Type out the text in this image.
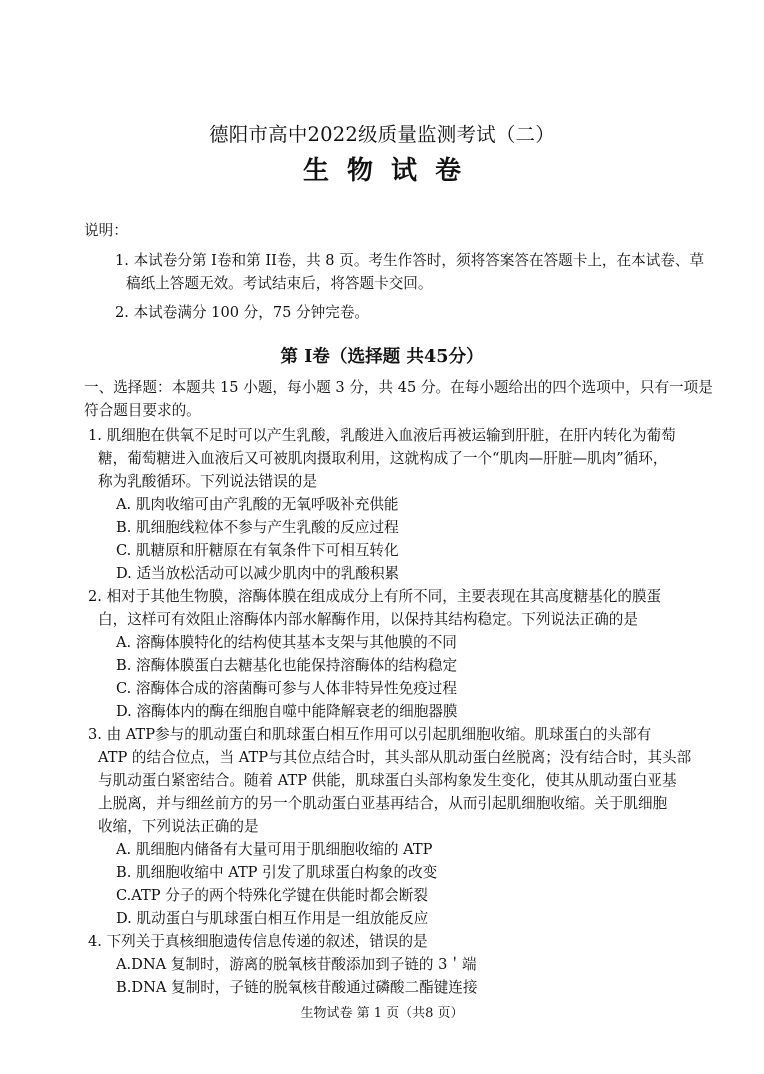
德阳市高中2022级质量监测考试（二）
生物试卷
说明：
1. 本试卷分第 I卷和第 II卷，共 8 页。考生作答时，须将答案答在答题卡上，在本试卷、草
稿纸上答题无效。考试结束后，将答题卡交回。
2. 本试卷满分 100 分，75 分钟完卷。
第 I卷（选择题 共45分）
一、选择题：本题共 15 小题，每小题 3 分，共 45 分。在每小题给出的四个选项中，只有一项是
符合题目要求的。
1. 肌细胞在供氧不足时可以产生乳酸，乳酸进入血液后再被运输到肝脏，在肝内转化为葡萄
糖，葡萄糖进入血液后又可被肌肉摄取利用，这就构成了一个“肌肉—肝脏—肌肉”循环，
称为乳酸循环。下列说法错误的是
A. 肌肉收缩可由产乳酸的无氧呼吸补充供能
B. 肌细胞线粒体不参与产生乳酸的反应过程
C. 肌糖原和肝糖原在有氧条件下可相互转化
D. 适当放松活动可以减少肌肉中的乳酸积累
2. 相对于其他生物膜，溶酶体膜在组成成分上有所不同，主要表现在其高度糖基化的膜蛋
白，这样可有效阻止溶酶体内部水解酶作用，以保持其结构稳定。下列说法正确的是
A. 溶酶体膜特化的结构使其基本支架与其他膜的不同
B. 溶酶体膜蛋白去糖基化也能保持溶酶体的结构稳定
C. 溶酶体合成的溶菌酶可参与人体非特异性免疫过程
D. 溶酶体内的酶在细胞自噬中能降解衰老的细胞器膜
3. 由 ATP参与的肌动蛋白和肌球蛋白相互作用可以引起肌细胞收缩。肌球蛋白的头部有
ATP 的结合位点，当 ATP与其位点结合时，其头部从肌动蛋白丝脱离；没有结合时，其头部
与肌动蛋白紧密结合。随着 ATP 供能，肌球蛋白头部构象发生变化，使其从肌动蛋白亚基
上脱离，并与细丝前方的另一个肌动蛋白亚基再结合，从而引起肌细胞收缩。关于肌细胞
收缩，下列说法正确的是
A. 肌细胞内储备有大量可用于肌细胞收缩的 ATP
B. 肌细胞收缩中 ATP 引发了肌球蛋白构象的改变
C.ATP 分子的两个特殊化学键在供能时都会断裂
D. 肌动蛋白与肌球蛋白相互作用是一组放能反应
4. 下列关于真核细胞遗传信息传递的叙述，错误的是
A.DNA 复制时，游离的脱氧核苷酸添加到子链的 3＇端
B.DNA 复制时，子链的脱氧核苷酸通过磷酸二酯键连接
生物试卷 第 1 页（共8 页）
